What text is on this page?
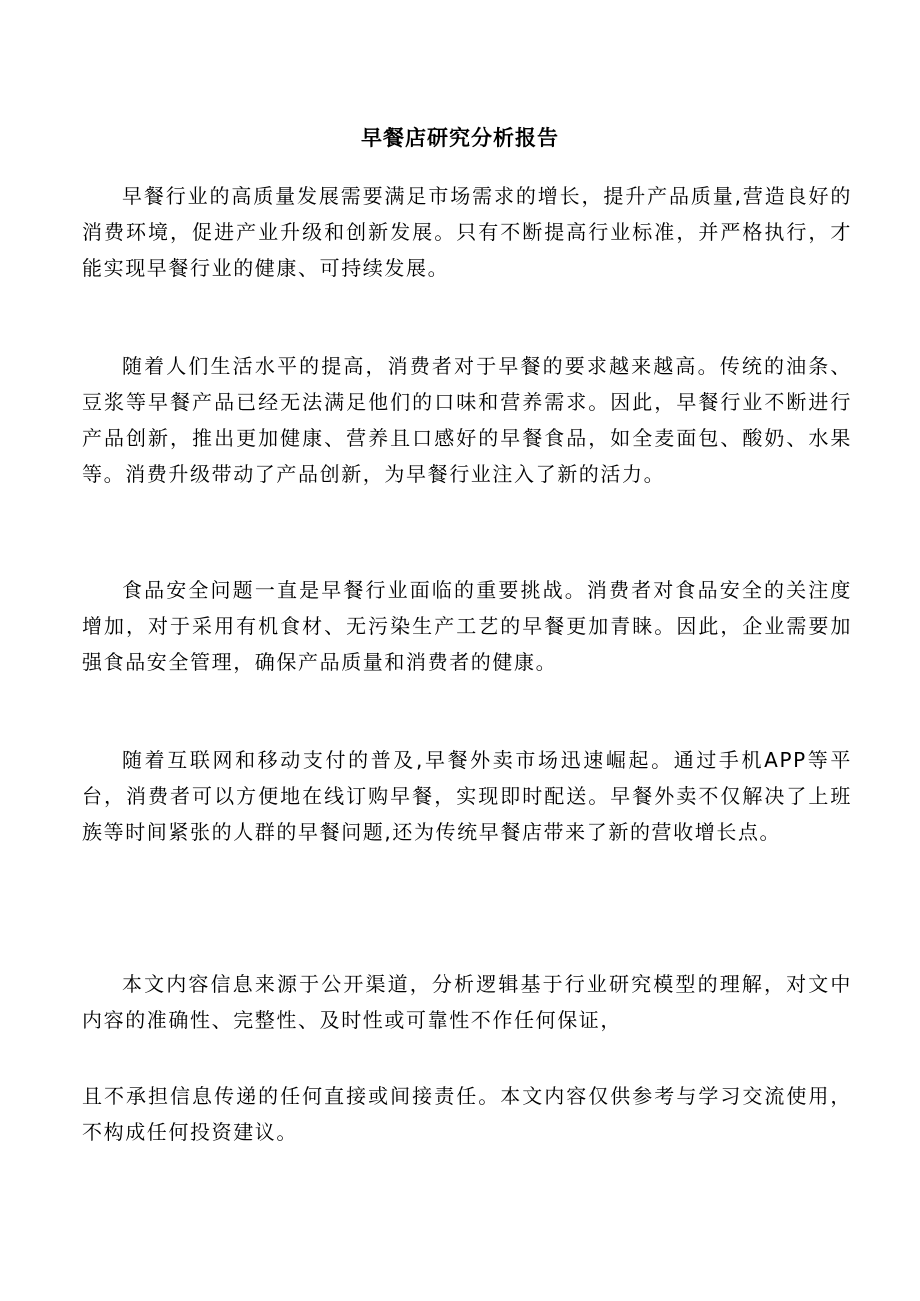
早餐店研究分析报告
早餐行业的高质量发展需要满足市场需求的增长，提升产品质量,营造良好的消费环境，促进产业升级和创新发展。只有不断提高行业标准，并严格执行，才能实现早餐行业的健康、可持续发展。
随着人们生活水平的提高，消费者对于早餐的要求越来越高。传统的油条、豆浆等早餐产品已经无法满足他们的口味和营养需求。因此，早餐行业不断进行产品创新，推出更加健康、营养且口感好的早餐食品，如全麦面包、酸奶、水果等。消费升级带动了产品创新，为早餐行业注入了新的活力。
食品安全问题一直是早餐行业面临的重要挑战。消费者对食品安全的关注度增加，对于采用有机食材、无污染生产工艺的早餐更加青睐。因此，企业需要加强食品安全管理，确保产品质量和消费者的健康。
随着互联网和移动支付的普及,早餐外卖市场迅速崛起。通过手机APP等平台，消费者可以方便地在线订购早餐，实现即时配送。早餐外卖不仅解决了上班族等时间紧张的人群的早餐问题,还为传统早餐店带来了新的营收增长点。
本文内容信息来源于公开渠道，分析逻辑基于行业研究模型的理解，对文中内容的准确性、完整性、及时性或可靠性不作任何保证，
且不承担信息传递的任何直接或间接责任。本文内容仅供参考与学习交流使用，不构成任何投资建议。
